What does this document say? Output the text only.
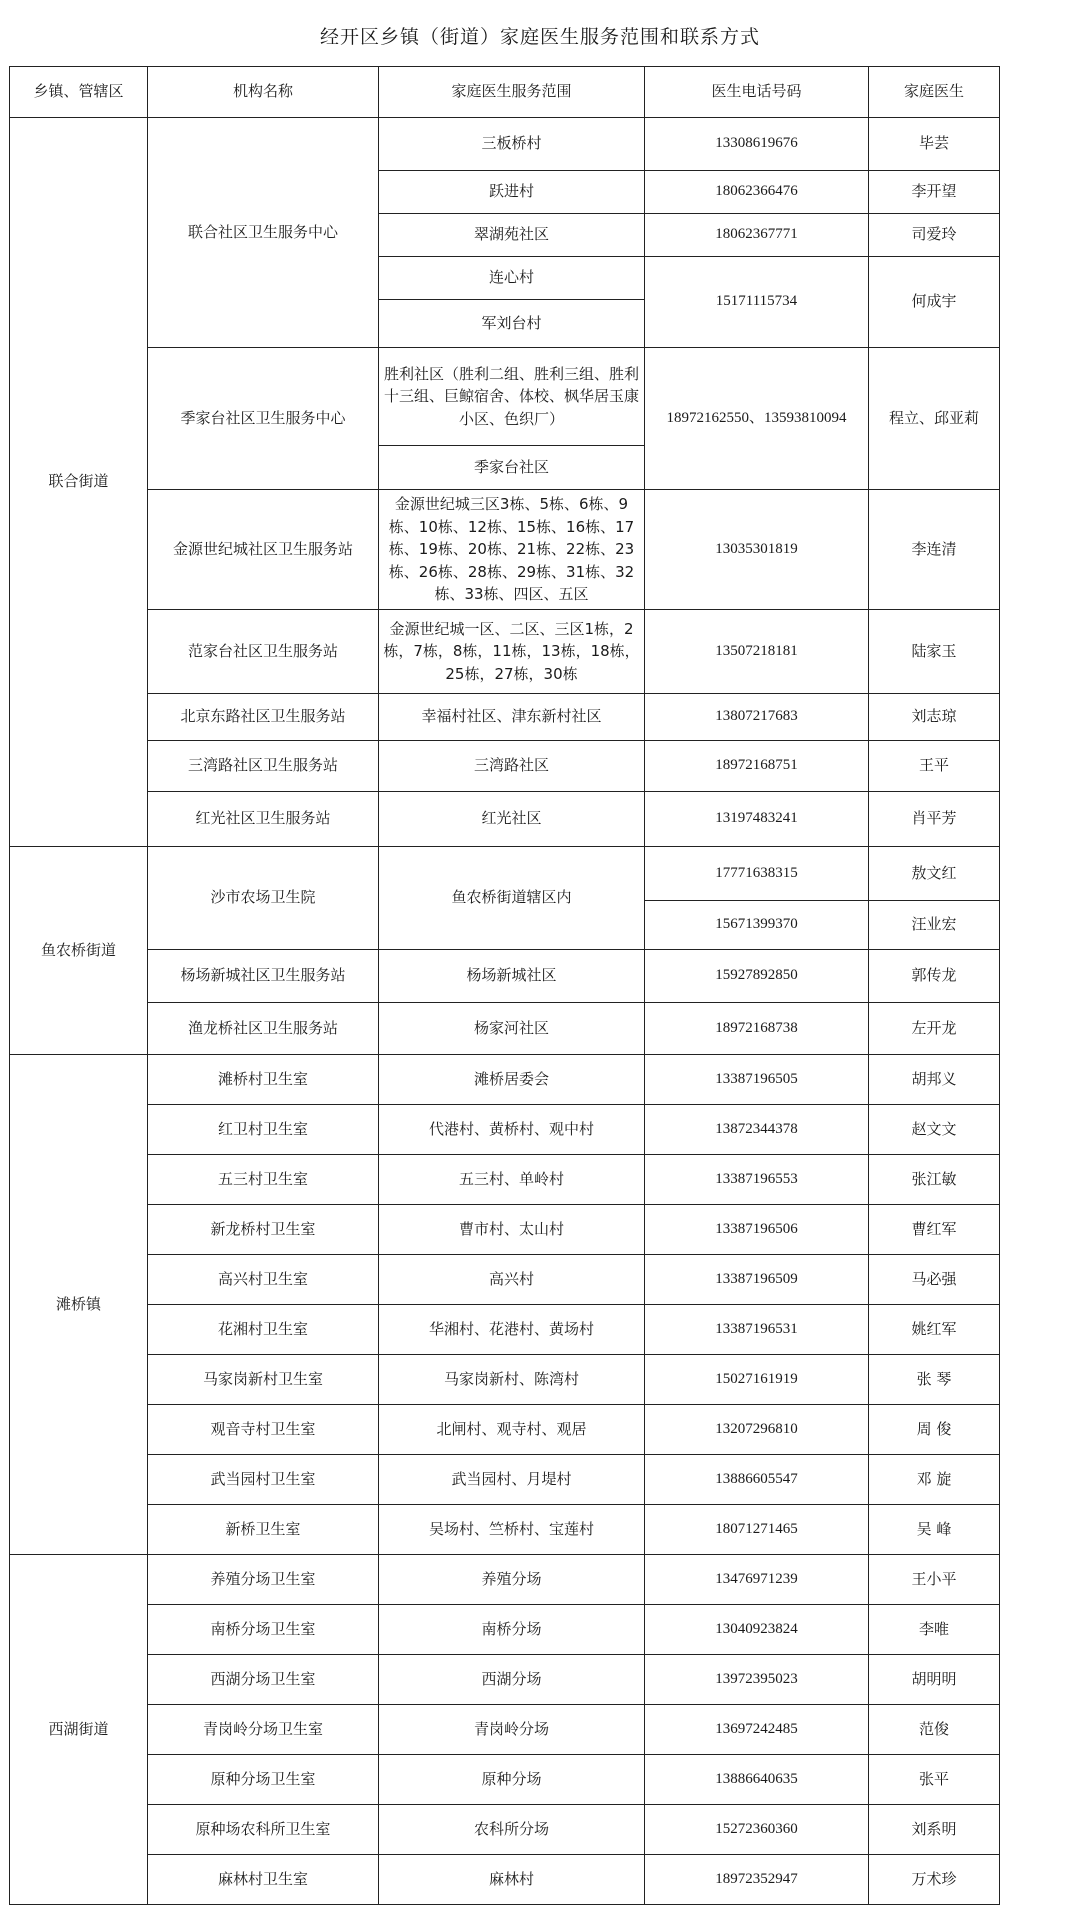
经开区乡镇（街道）家庭医生服务范围和联系方式
乡镇、管辖区	机构名称	家庭医生服务范围	医生电话号码	家庭医生
联合街道	联合社区卫生服务中心	三板桥村	13308619676	毕芸
		跃进村	18062366476	李开望
		翠湖苑社区	18062367771	司爱玲
		连心村	15171115734	何成宇
		军刘台村		
	季家台社区卫生服务中心	胜利社区（胜利二组、胜利三组、胜利十三组、巨鲸宿舍、体校、枫华居玉康小区、色织厂）	18972162550、13593810094	程立、邱亚莉
		季家台社区		
	金源世纪城社区卫生服务站	金源世纪城三区3栋、5栋、6栋、9栋、10栋、12栋、15栋、16栋、17栋、19栋、20栋、21栋、22栋、23栋、26栋、28栋、29栋、31栋、32栋、33栋、四区、五区	13035301819	李连清
	范家台社区卫生服务站	金源世纪城一区、二区、三区1栋，2栋，7栋，8栋，11栋，13栋，18栋，25栋，27栋，30栋	13507218181	陆家玉
	北京东路社区卫生服务站	幸福村社区、津东新村社区	13807217683	刘志琼
	三湾路社区卫生服务站	三湾路社区	18972168751	王平
	红光社区卫生服务站	红光社区	13197483241	肖平芳
鱼农桥街道	沙市农场卫生院	鱼农桥街道辖区内	17771638315	敖文红
			15671399370	汪业宏
	杨场新城社区卫生服务站	杨场新城社区	15927892850	郭传龙
	渔龙桥社区卫生服务站	杨家河社区	18972168738	左开龙
滩桥镇	滩桥村卫生室	滩桥居委会	13387196505	胡邦义
	红卫村卫生室	代港村、黄桥村、观中村	13872344378	赵文文
	五三村卫生室	五三村、单岭村	13387196553	张江敏
	新龙桥村卫生室	曹市村、太山村	13387196506	曹红军
	高兴村卫生室	高兴村	13387196509	马必强
	花湘村卫生室	华湘村、花港村、黄场村	13387196531	姚红军
	马家岗新村卫生室	马家岗新村、陈湾村	15027161919	张 琴
	观音寺村卫生室	北闸村、观寺村、观居	13207296810	周 俊
	武当园村卫生室	武当园村、月堤村	13886605547	邓 旋
	新桥卫生室	吴场村、竺桥村、宝莲村	18071271465	吴 峰
西湖街道	养殖分场卫生室	养殖分场	13476971239	王小平
	南桥分场卫生室	南桥分场	13040923824	李唯
	西湖分场卫生室	西湖分场	13972395023	胡明明
	青岗岭分场卫生室	青岗岭分场	13697242485	范俊
	原种分场卫生室	原种分场	13886640635	张平
	原种场农科所卫生室	农科所分场	15272360360	刘系明
	麻林村卫生室	麻林村	18972352947	万术珍
